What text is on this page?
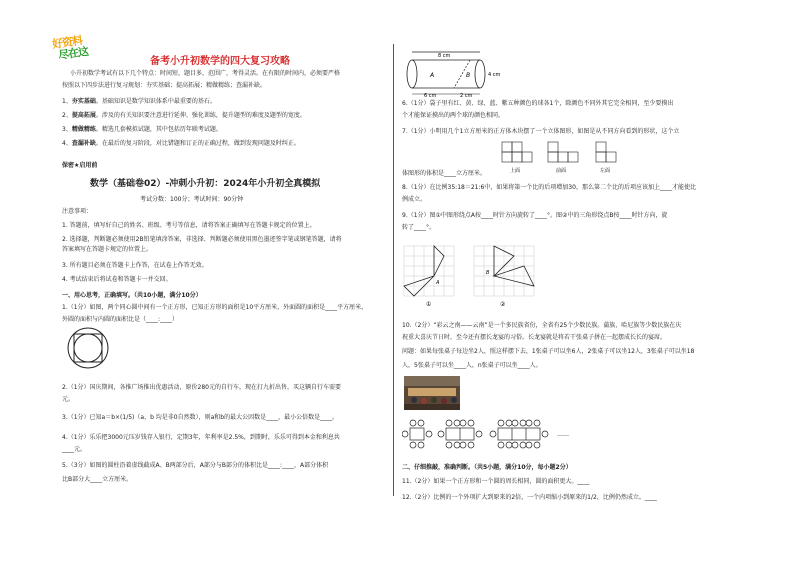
好资料
尽在这	备考小升初数学的四大复习攻略
小升初数学考试有以下几个特点：时间短，题目多，范围广，考得灵活。在有限的时间内，必须要严格
按照以下四步法进行复习规划：夯实基础；提高拓展；精做精练；查漏补缺。
1、夯实基础。基础知识是数学知识体系中最重要的基石。
2、提高拓展。涉及的有关知识要注意进行延伸、强化训练，提升题型的难度及题型的宽度。
3、精做精练。精选几套模拟试题，其中包括历年联考试题。
4、查漏补缺。在最后的复习阶段，对比错题和订正的正确过程，做到发现问题及时纠正。
保密★启用前
数学（基础卷02）-冲刺小升初：2024年小升初全真模拟
考试分数：100分；考试时间：90分钟
注意事项：
1. 答题前，填写好自己的姓名、班级、考号等信息，请将答案正确填写在答题卡规定的位置上。
2. 选择题，判断题必须使用2B铅笔填涂答案，非选择、判断题必须使用黑色墨迹签字笔或钢笔答题，请将
答案填写在答题卡规定的位置上。
3. 所有题目必须在答题卡上作答，在试卷上作答无效。
4. 考试结束后将试卷和答题卡一并交回。
一、用心思考，正确填写。（共10小题，满分10分）
1.（1分）如图，两个同心圆中间有一个正方形，已知正方形的面积是10平方厘米，外面圆的面积是____平方厘米，
外圆的面积与内圆的面积比是（____:____）
2.（1分）国庆期间，各推广场推出优惠活动，原价280元的自行车，现在打九折出售，买这辆自行车需要
元。
3.（1分）已知a＝b×(1/5)（a、b 均是非0自然数），则a和b的最大公因数是____，最小公倍数是____。
4.（1分）乐乐把3000元压岁钱存入银行，定期3年，年利率是2.5%，到期时，乐乐可得到本金和利息共
____元。
5.（3分）如图的圆柱沿着虚线截成A、B两部分后，A部分与B部分的体积比是____:____，A部分体积
比B部分大____立方厘米。
8 cm
A	B	4 cm
6 cm	2 cm
6.（1分）袋子里有红、黄、绿、蓝、紫五种颜色的球各1个，除颜色不同外其它完全相同，至少要摸出
个才能保证摸出的两个球的颜色相同。
7.（1分）小明用几个1立方厘米的正方体木块摆了一个立体图形，如图是从不同方向看到的形状，这个立
上面	前面	左面
体图形的体积是____立方厘米。
8.（1分）在比例35:18＝21:6中，如果将第一个比的后项增加30，那么第二个比的后项应该加上____才能使比
例成立。
9.（1分）图①中图形绕点A按____时针方向旋转了____°。图②中的三角形绕点B按____时针方向，旋
转了____°。
A
B
①	②
10.（2分）“彩云之南——云南”是一个多民族省份，全省有25个少数民族。蒲族、哈尼族等少数民族在庆
祝重大喜庆节日时，至今还有摆长龙宴的习俗。长龙宴就是将若干张桌子拼在一起摆成长长的宴席。
问题：如果每张桌子每边坐2人，照这样摆下去，1张桌子可以坐6人，2张桌子可以坐12人，3张桌子可以坐18
人，5张桌子可以坐____人，n张桌子可以坐____人。
……
二、仔细推敲，准确判断。（共5小题，满分10分，每小题2分）
11.（2分）如果一个正方形和一个圆的周长相同，圆的面积更大。____
12.（2分）比例的一个外项扩大到原来的2倍，一个内项缩小到原来的1/2，比例仍然成立。____
